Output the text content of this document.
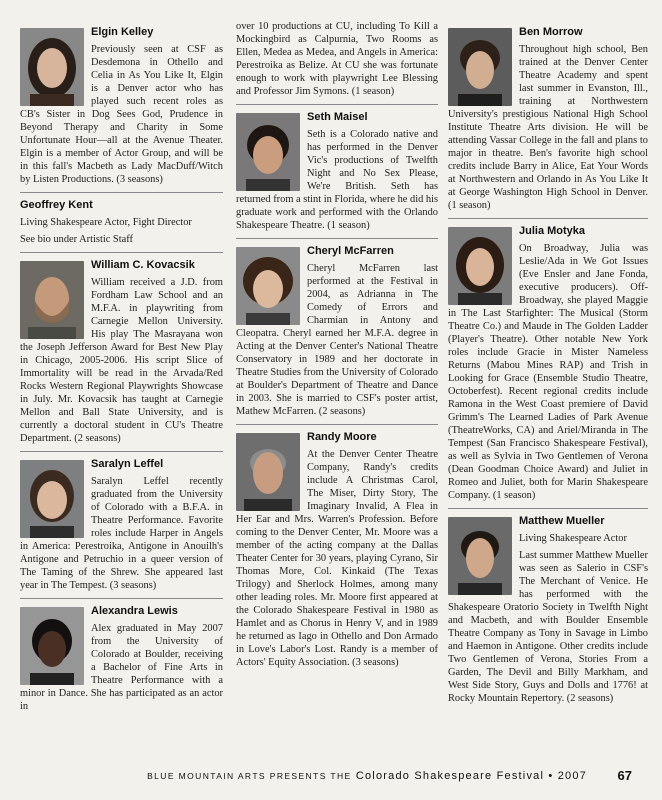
Elgin Kelley
Previously seen at CSF as Desdemona in Othello and Celia in As You Like It, Elgin is a Denver actor who has played such recent roles as CB's Sister in Dog Sees God, Prudence in Beyond Therapy and Charity in Some Unfortunate Hour—all at the Avenue Theater. Elgin is a member of Actor Group, and will be in this fall's Macbeth as Lady MacDuff/Witch by Listen Productions. (3 seasons)
Geoffrey Kent
Living Shakespeare Actor, Fight Director
See bio under Artistic Staff
William C. Kovacsik
William received a J.D. from Fordham Law School and an M.F.A. in playwriting from Carnegie Mellon University. His play The Masrayana won the Joseph Jefferson Award for Best New Play in Chicago, 2005-2006. His script Slice of Immortality will be read in the Arvada/Red Rocks Western Regional Playwrights Showcase in July. Mr. Kovacsik has taught at Carnegie Mellon and Ball State University, and is currently a doctoral student in CU's Theatre Department. (2 seasons)
Saralyn Leffel
Saralyn Leffel recently graduated from the University of Colorado with a B.F.A. in Theatre Performance. Favorite roles include Harper in Angels in America: Perestroika, Antigone in Anouilh's Antigone and Petruchio in a queer version of The Taming of the Shrew. She appeared last year in The Tempest. (3 seasons)
Alexandra Lewis
Alex graduated in May 2007 from the University of Colorado at Boulder, receiving a Bachelor of Fine Arts in Theatre Performance with a minor in Dance. She has participated as an actor in
over 10 productions at CU, including To Kill a Mockingbird as Calpurnia, Two Rooms as Ellen, Medea as Medea, and Angels in America: Perestroika as Belize. At CU she was fortunate enough to work with playwright Lee Blessing and Professor Jim Symons. (1 season)
Seth Maisel
Seth is a Colorado native and has performed in the Denver Vic's productions of Twelfth Night and No Sex Please, We're British. Seth has returned from a stint in Florida, where he did his graduate work and performed with the Orlando Shakespeare Theatre. (1 season)
Cheryl McFarren
Cheryl McFarren last performed at the Festival in 2004, as Adrianna in The Comedy of Errors and Charmian in Antony and Cleopatra. Cheryl earned her M.F.A. degree in Acting at the Denver Center's National Theatre Conservatory in 1989 and her doctorate in Theatre Studies from the University of Colorado at Boulder's Department of Theatre and Dance in 2003. She is married to CSF's poster artist, Mathew McFarren. (2 seasons)
Randy Moore
At the Denver Center Theatre Company, Randy's credits include A Christmas Carol, The Miser, Dirty Story, The Imaginary Invalid, A Flea in Her Ear and Mrs. Warren's Profession. Before coming to the Denver Center, Mr. Moore was a member of the acting company at the Dallas Theater Center for 30 years, playing Cyrano, Sir Thomas More, Col. Kinkaid (The Texas Trilogy) and Sherlock Holmes, among many other leading roles. Mr. Moore first appeared at the Colorado Shakespeare Festival in 1980 as Hamlet and as Chorus in Henry V, and in 1989 he returned as Iago in Othello and Don Armado in Love's Labor's Lost. Randy is a member of Actors' Equity Association. (3 seasons)
Ben Morrow
Throughout high school, Ben trained at the Denver Center Theatre Academy and spent last summer in Evanston, Ill., training at Northwestern University's prestigious National High School Institute Theatre Arts division. He will be attending Vassar College in the fall and plans to major in theatre. Ben's favorite high school credits include Barry in Alice, Eat Your Words at Northwestern and Orlando in As You Like It at George Washington High School in Denver. (1 season)
Julia Motyka
On Broadway, Julia was Leslie/Ada in We Got Issues (Eve Ensler and Jane Fonda, executive producers). Off-Broadway, she played Maggie in The Last Starfighter: The Musical (Storm Theatre Co.) and Maude in The Golden Ladder (Player's Theatre). Other notable New York roles include Gracie in Mister Nameless Returns (Mabou Mines RAP) and Trish in Looking for Grace (Ensemble Studio Theatre, Octoberfest). Recent regional credits include Ramona in the West Coast premiere of David Grimm's The Learned Ladies of Park Avenue (TheatreWorks, CA) and Ariel/Miranda in The Tempest (San Francisco Shakespeare Festival), as well as Sylvia in Two Gentlemen of Verona (Dean Goodman Choice Award) and Juliet in Romeo and Juliet, both for Marin Shakespeare Company. (1 season)
Matthew Mueller
Living Shakespeare Actor
Last summer Matthew Mueller was seen as Salerio in CSF's The Merchant of Venice. He has performed with the Shakespeare Oratorio Society in Twelfth Night and Macbeth, and with Boulder Ensemble Theatre Company as Tony in Savage in Limbo and Haemon in Antigone. Other credits include Two Gentlemen of Verona, Stories From a Garden, The Devil and Billy Markham, and West Side Story, Guys and Dolls and 1776! at Rocky Mountain Repertory. (2 seasons)
BLUE MOUNTAIN ARTS PRESENTS THE Colorado Shakespeare Festival • 2007 67
